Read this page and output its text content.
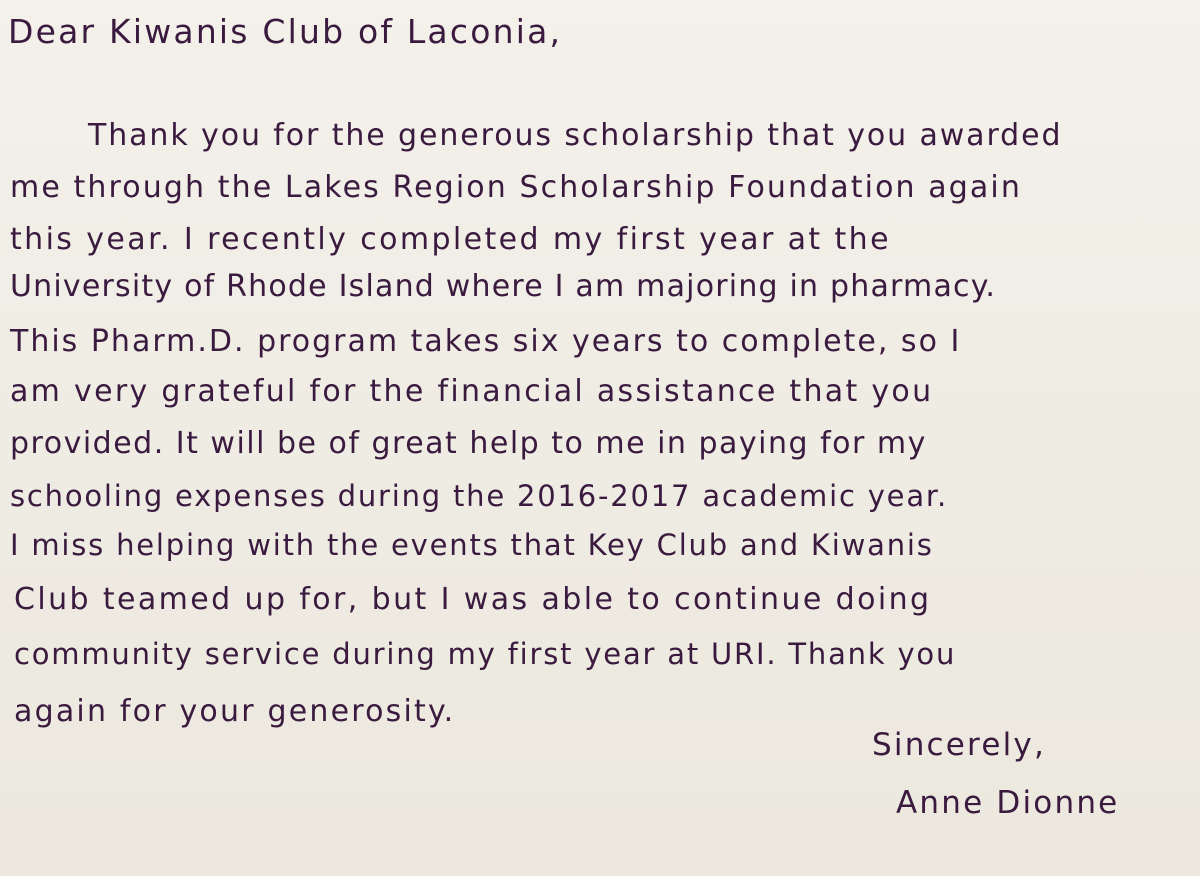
Dear Kiwanis Club of Laconia,
Thank you for the generous scholarship that you awarded
me through the Lakes Region Scholarship Foundation again
this year. I recently completed my first year at the
University of Rhode Island where I am majoring in pharmacy.
This Pharm.D. program takes six years to complete, so I
am very grateful for the financial assistance that you
provided. It will be of great help to me in paying for my
schooling expenses during the 2016-2017 academic year.
I miss helping with the events that Key Club and Kiwanis
Club teamed up for, but I was able to continue doing
community service during my first year at URI. Thank you
again for your generosity.
Sincerely,
Anne Dionne
